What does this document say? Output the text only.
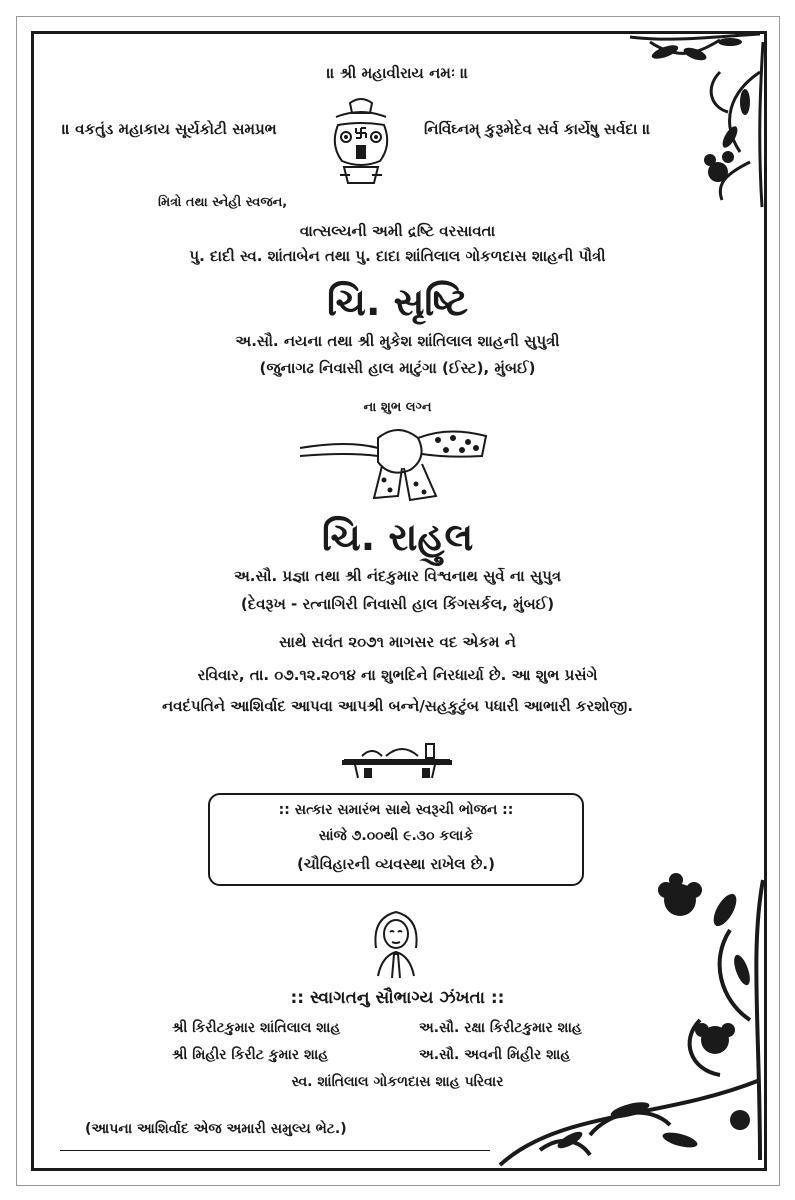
॥ શ્રી મહાવીરાય નમઃ ॥
॥ વકતુંડ મહાકાય સૂર્યકોટી સમપ્રભ	નિર્વિઘ્નમ્ કુરૂમેદેવ સર્વ કાર્યેષુ સર્વદા ॥
મિત્રો તથા સ્નેહી સ્વજન,
વાત્સલ્યની અમી દ્રષ્ટિ વરસાવતા
પુ. દાદી સ્વ. શાંતાબેન તથા પુ. દાદા શાંતિલાલ ગોકળદાસ શાહની પૌત્રી
ચિ. સૃષ્ટિ
અ.સૌ. નયના તથા શ્રી મુકેશ શાંતિલાલ શાહની સુપુત્રી
(જુનાગઢ નિવાસી હાલ માટુંગા (ઈસ્ટ), મુંબઈ)
ના શુભ લગ્ન
ચિ. રાહુલ
અ.સૌ. પ્રજ્ઞા તથા શ્રી નંદકુમાર વિશ્વનાથ સુર્વે ના સુપુત્ર
(દેવરૂખ - રત્નાગિરી નિવાસી હાલ કિંગસર્કલ, મુંબઈ)
સાથે સવંત ૨૦૭૧ માગસર વદ એકમ ને
રવિવાર, તા. ૦૭.૧૨.૨૦૧૪ ના શુભદિને નિરધાર્યા છે. આ શુભ પ્રસંગે
નવદંપતિને આશિર્વાદ આપવા આપશ્રી બન્ને/સહકુટુંબ પધારી આભારી કરશોજી.
:: સત્કાર સમારંભ સાથે સ્વરૂચી ભોજન ::
સાંજે ૭.૦૦થી ૯.૩૦ કલાકે
(ચૌવિહારની વ્યવસ્થા રાખેલ છે.)
:: સ્વાગતનુ સૌભાગ્ય ઝંખતા ::
શ્રી કિરીટકુમાર શાંતિલાલ શાહ	અ.સૌ. રક્ષા કિરીટકુમાર શાહ
શ્રી મિહીર કિરીટ કુમાર શાહ	અ.સૌ. અવની મિહીર શાહ
સ્વ. શાંતિલાલ ગોકળદાસ શાહ પરિવાર
(આપના આશિર્વાદ એજ અમારી સમુલ્ય ભેટ.)
